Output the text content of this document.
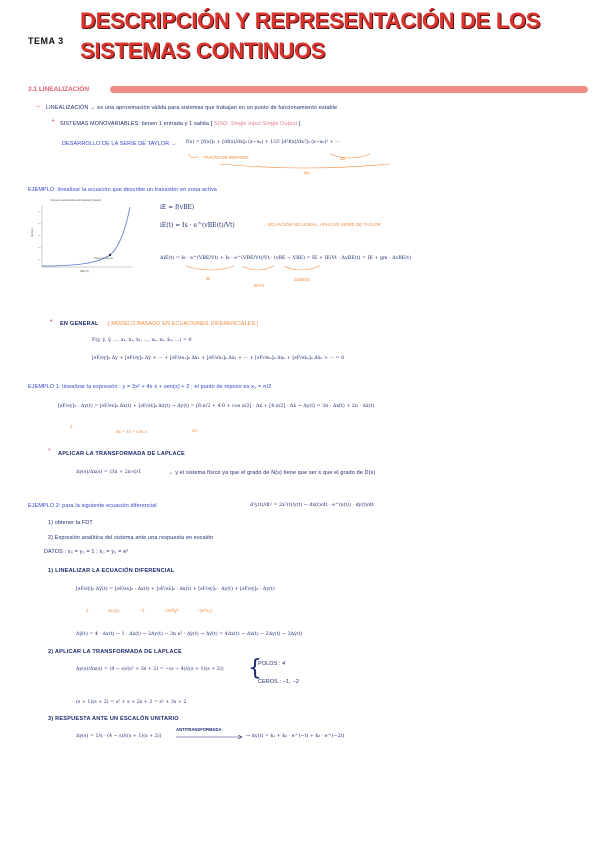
TEMA 3
DESCRIPCIÓN Y REPRESENTACIÓN DE LOS
SISTEMAS CONTINUOS
3.1 LINEALIZACIÓN
– LINEALIZACIÓN → es una aproximación válida para sistemas que trabajan en un punto de funcionamiento estable
• SISTEMAS MONOVARIABLES: tienen 1 entrada y 1 salida [ SISO: Single Input Single Output ]
DESARROLLO DE LA SERIE DE TAYLOR → f(x) = [f(x)]₀ + [df(x)/dx]₀ (x−x₀) + 1/2! [d²f(x)/dx²]₀ (x−x₀)² + ···
PUNTO DE REPOSO	Δx
Δy
EJEMPLO: linealizar la ecuación que describe un transistor en zona activa
Curva de característica del transistor bipolar
vBE (V)
iE (mA)
Punto de reposo
iE = f(vBE)
iE(t) = Is · e^(vBE(t)/Vt)	→ ECUACIÓN NO LINEAL, APLICAR SERIE DE TAYLOR
ΔiE(t) = Is · e^(VBE/Vt) + Is · e^(VBE/Vt)/Vt · (vBE − VBE) = IE + IE/Vt · ΔvBE(t) = IE + gm · ΔvBE(t)
IE
IE/Vt
ΔvBE(t)
• EN GENERAL [ MODELO BASADO EN ECUACIONES DIFERENCIALES ]
F(y, ẏ, ÿ, ..., x₁, ẋ₁, ẍ₁, ..., xₙ, ẋₙ, ẍₙ, ...) = 0
[∂F/∂y]₀ Δy + [∂F/∂ẏ]₀ Δẏ + ··· + [∂F/∂x₁]₀ Δx₁ + [∂F/∂ẋ₁]₀ Δẋ₁ + ··· + [∂F/∂xₙ]₀ Δxₙ + [∂F/∂ẋₙ]₀ Δẋₙ + ··· = 0
EJEMPLO 1: linealizar la expresión : y = 3x² + 4x·ẋ + sen(x) + 2 ; el punto de reposo es x₀ = π/2
[∂F/∂y]₀ · Δy(t) = [∂F/∂x]₀ Δx(t) + [∂F/∂ẋ]₀ Δẋ(t) → Δy(t) = [6·π/2 + 4·0 + cos π/2] · Δx + [4·π/2] · Δẋ → Δy(t) = 3π · Δx(t) + 2π · Δẋ(t)
1
6x + 4ẋ + cos x	4x
* APLICAR LA TRANSFORMADA DE LAPLACE
Δy(s)/Δx(s) = (3π + 2π·s)/1	→ y el sistema físico ya que el grado de N(s) tiene que ser ≤ que el grado de D(s)
EJEMPLO 2: para la siguiente ecuación diferencial	d²y(t)/dt² = 2x²(t)/y(t) − dx(t)/dt · e^(x(t)) · dy(t)/dt
1) obtener la FDT
2) Expresión analítica del sistema ante una respuesta en escalón
DATOS : x₀ = y₀ = 1 ; ẋ₀ = ẏ₀ = e²
1) LINEALIZAR LA ECUACIÓN DIFERENCIAL
[∂F/∂ÿ]₀ Δÿ(t) = [∂F/∂x]₀ · Δx(t) + [∂F/∂ẋ]₀ · Δẋ(t) + [∂F/∂y]₀ · Δy(t) + [∂F/∂ẏ]₀ · Δẏ(t)
1 4x₀/y₀ −1 −2x²/y² −(e^x₀)
Δÿ(t) = 4 · Δx(t) − 1 · Δẋ(t) − 2Δy(t) − 3n e² · Δẏ(t) → Δÿ(t) = 4Δx(t) − Δẋ(t) − 2Δy(t) − 3Δẏ(t)
2) APLICAR LA TRANSFORMADA DE LAPLACE
Δy(s)/Δx(s) = (4 − s)/(s² + 3s + 2) = −(s − 4)/((s + 1)(s + 2)) {
POLOS : 4
CEROS : −1, −2
(s + 1)(s + 2) = s² + s + 2s + 2 = s² + 3s + 2
3) RESPUESTA ANTE UN ESCALÓN UNITARIO
Δy(s) = 1/s · (4 − s)/((s + 1)(s + 2))
ANTITRANSFORMADA
→ Δy(t) = k₁ + k₂ · e^(−t) + k₃ · e^(−2t)
